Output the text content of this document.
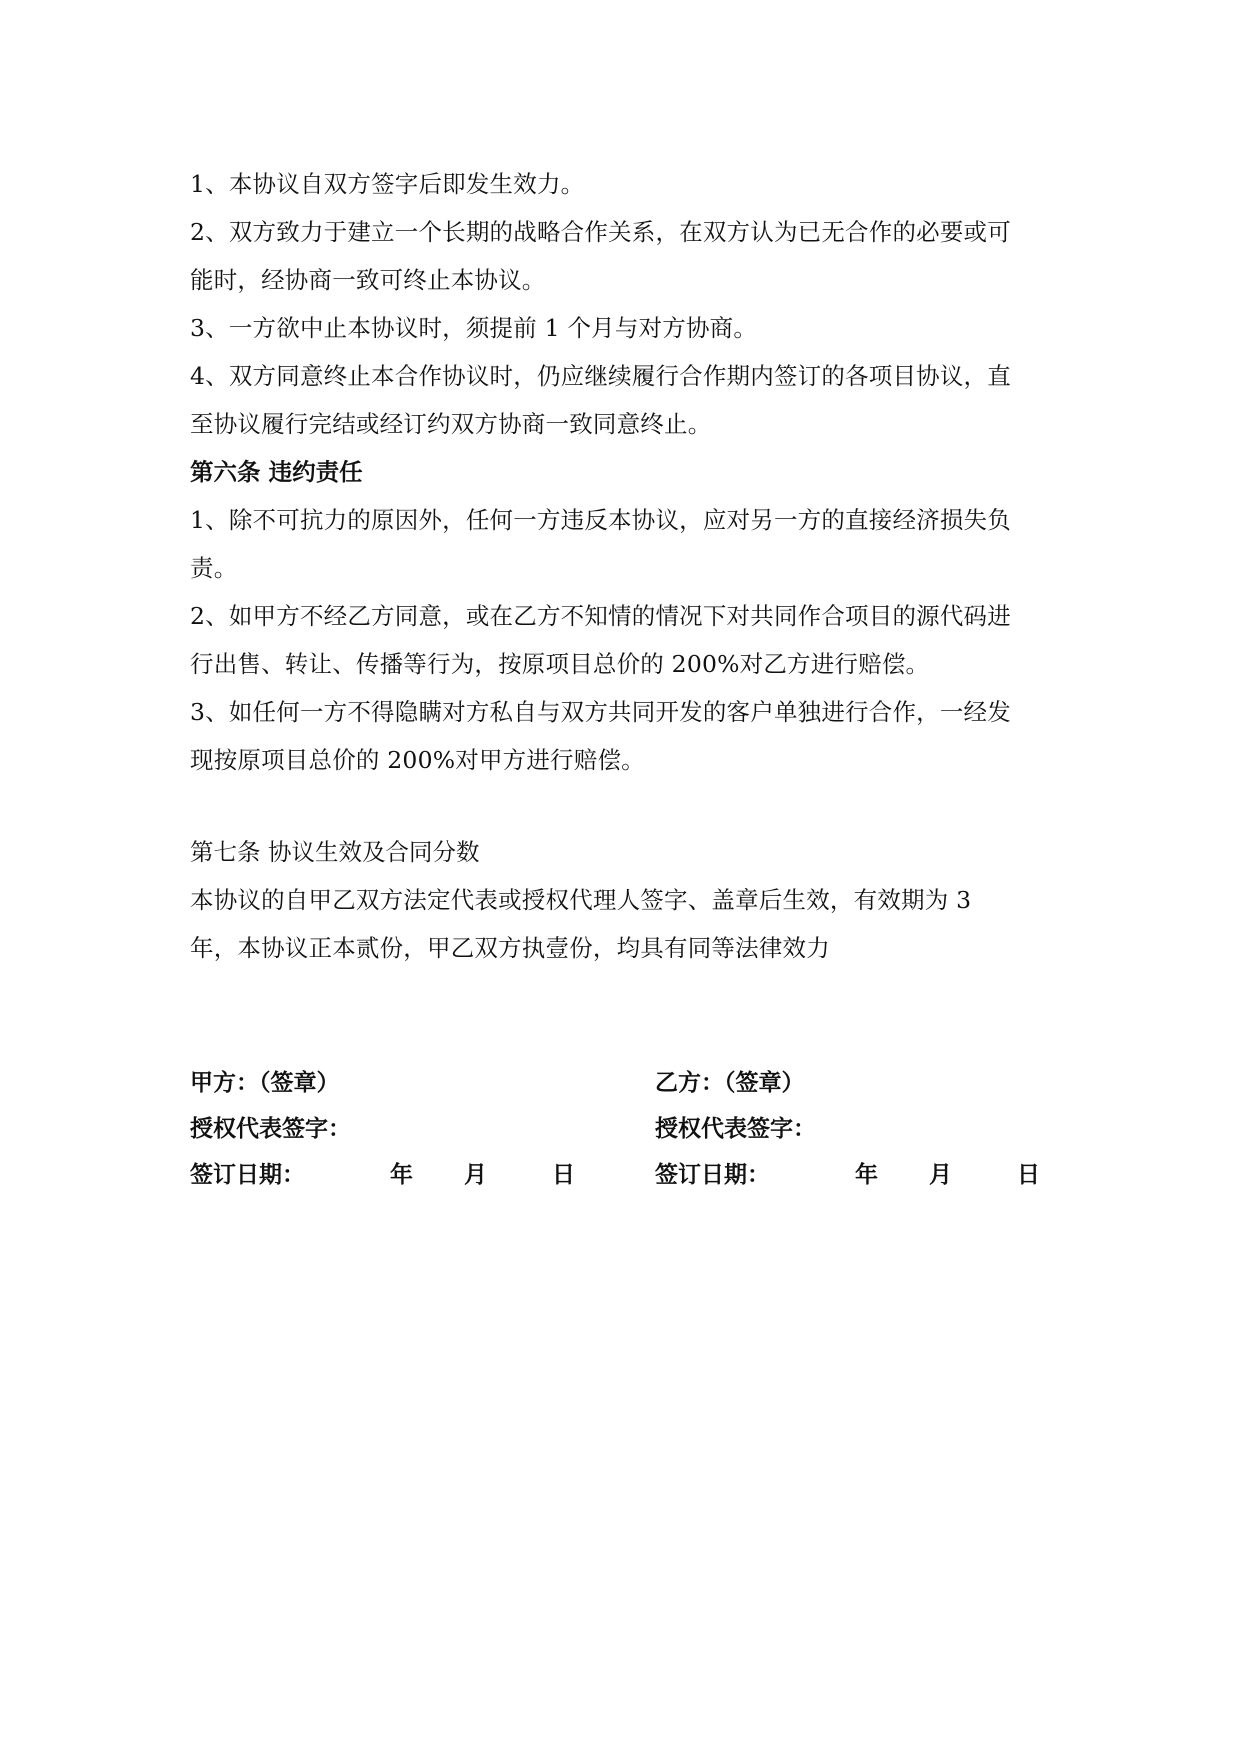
1、本协议自双方签字后即发生效力。

2、双方致力于建立一个长期的战略合作关系，在双方认为已无合作的必要或可

能时，经协商一致可终止本协议。

3、一方欲中止本协议时，须提前 1 个月与对方协商。

4、双方同意终止本合作协议时，仍应继续履行合作期内签订的各项目协议，直

至协议履行完结或经订约双方协商一致同意终止。

第六条 违约责任

1、除不可抗力的原因外，任何一方违反本协议，应对另一方的直接经济损失负

责。

2、如甲方不经乙方同意，或在乙方不知情的情况下对共同作合项目的源代码进

行出售、转让、传播等行为，按原项目总价的 200%对乙方进行赔偿。

3、如任何一方不得隐瞒对方私自与双方共同开发的客户单独进行合作，一经发

现按原项目总价的 200%对甲方进行赔偿。

第七条 协议生效及合同分数

本协议的自甲乙双方法定代表或授权代理人签字、盖章后生效，有效期为 3

年，本协议正本贰份，甲乙双方执壹份，均具有同等法律效力

甲方：（签章）	乙方：（签章）
授权代表签字：	授权代表签字：
签订日期：	年 月	日	签订日期：	年 月	日
